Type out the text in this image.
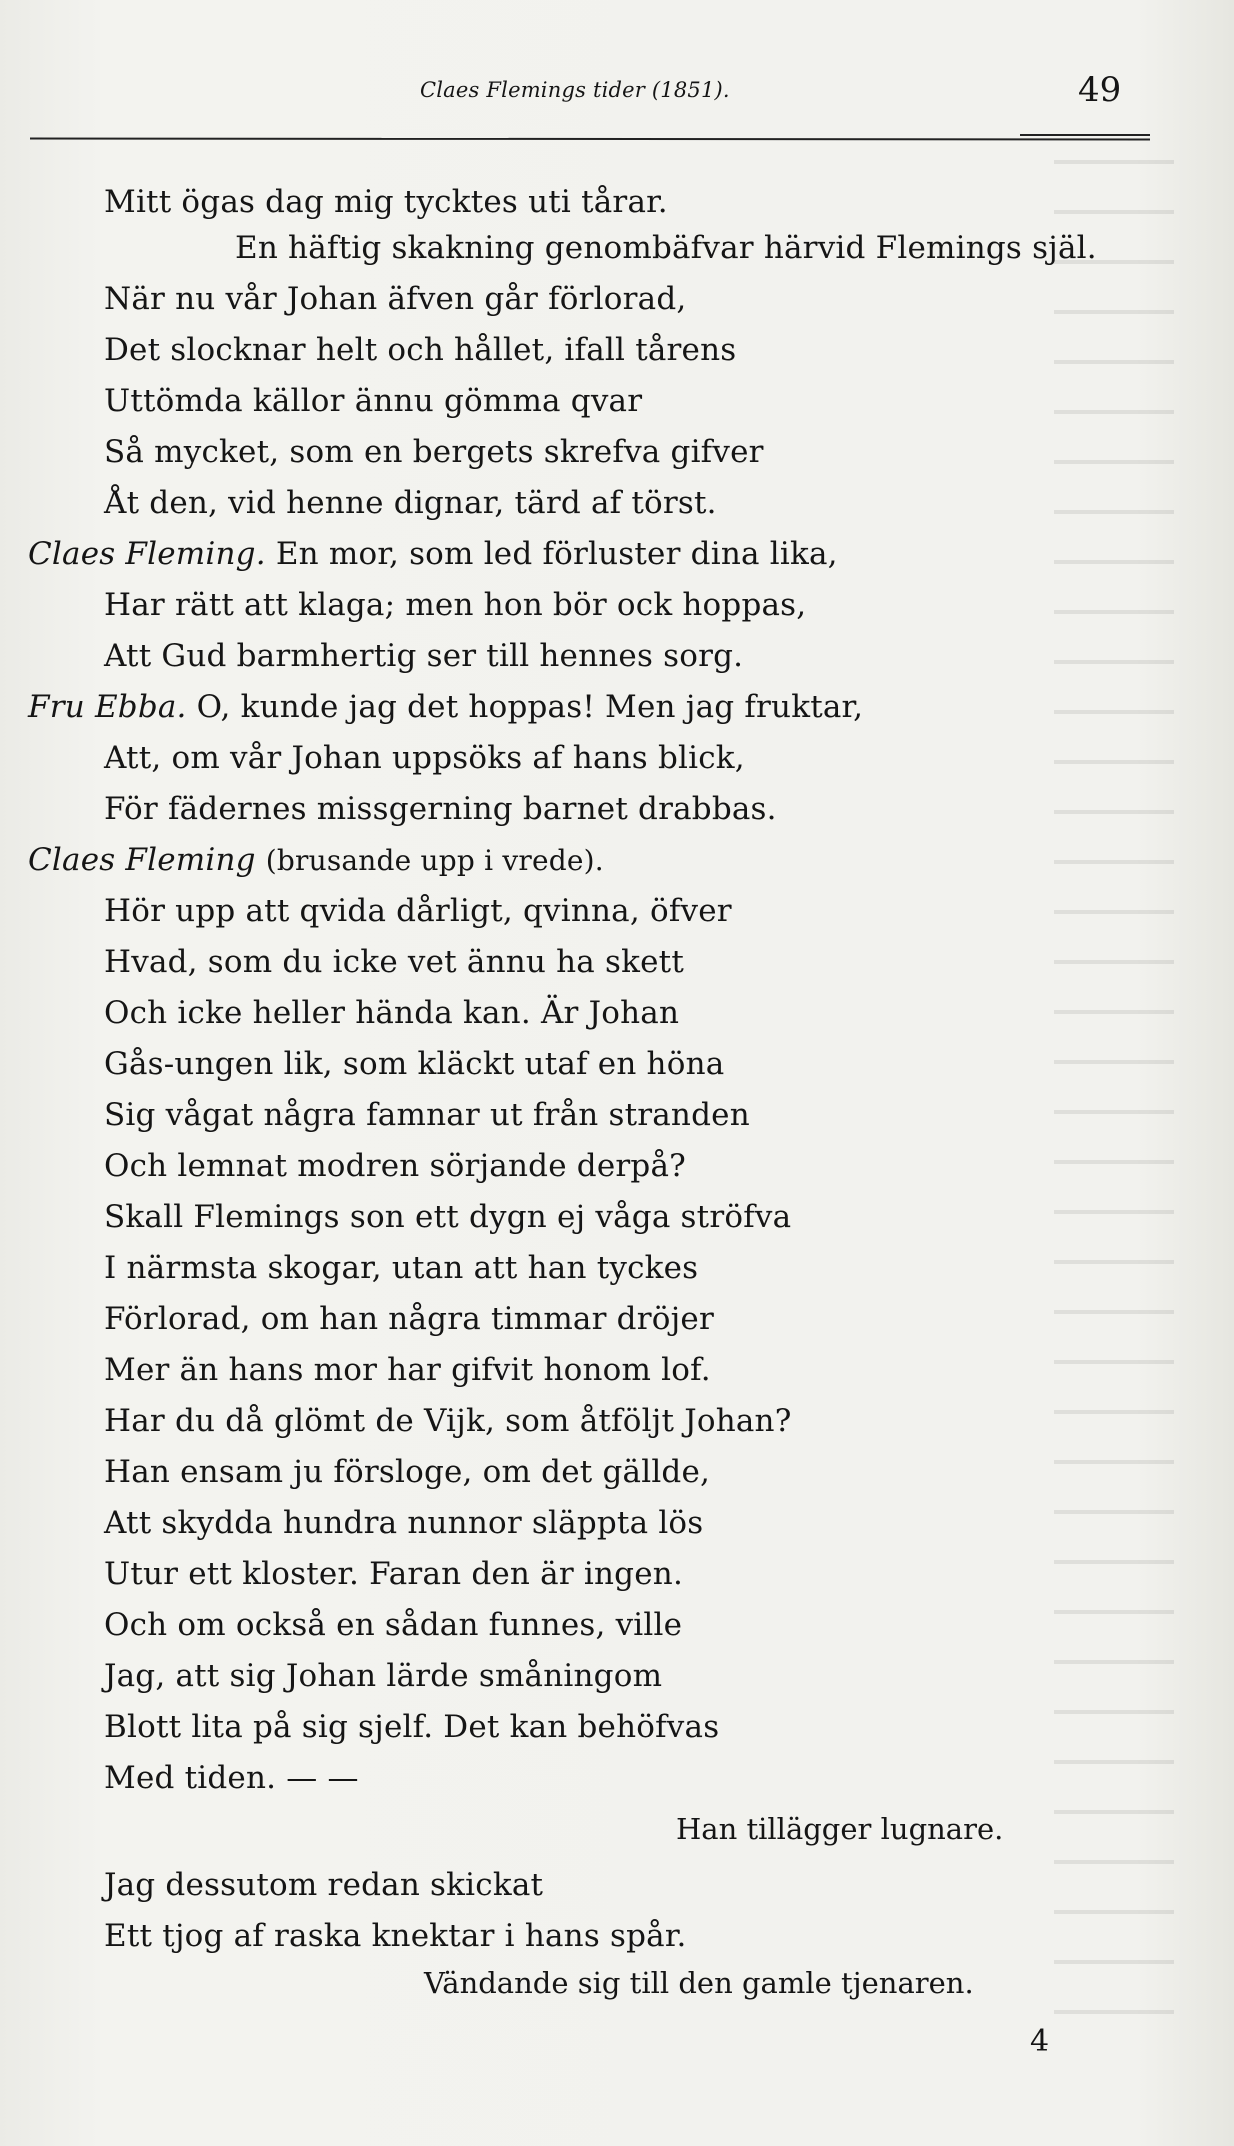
Claes Flemings tider (1851).	49
Mitt ögas dag mig tycktes uti tårar.
En häftig skakning genombäfvar härvid Flemings själ.
När nu vår Johan äfven går förlorad,
Det slocknar helt och hållet, ifall tårens
Uttömda källor ännu gömma qvar
Så mycket, som en bergets skrefva gifver
Åt den, vid henne dignar, tärd af törst.
Claes Fleming. En mor, som led förluster dina lika,
Har rätt att klaga; men hon bör ock hoppas,
Att Gud barmhertig ser till hennes sorg.
Fru Ebba. O, kunde jag det hoppas! Men jag fruktar,
Att, om vår Johan uppsöks af hans blick,
För fädernes missgerning barnet drabbas.
Claes Fleming (brusande upp i vrede).
Hör upp att qvida dårligt, qvinna, öfver
Hvad, som du icke vet ännu ha skett
Och icke heller hända kan. Är Johan
Gås-ungen lik, som kläckt utaf en höna
Sig vågat några famnar ut från stranden
Och lemnat modren sörjande derpå?
Skall Flemings son ett dygn ej våga ströfva
I närmsta skogar, utan att han tyckes
Förlorad, om han några timmar dröjer
Mer än hans mor har gifvit honom lof.
Har du då glömt de Vijk, som åtföljt Johan?
Han ensam ju försloge, om det gällde,
Att skydda hundra nunnor släppta lös
Utur ett kloster. Faran den är ingen.
Och om också en sådan funnes, ville
Jag, att sig Johan lärde småningom
Blott lita på sig sjelf. Det kan behöfvas
Med tiden. — —
Han tillägger lugnare.
Jag dessutom redan skickat
Ett tjog af raska knektar i hans spår.
Vändande sig till den gamle tjenaren.
4
